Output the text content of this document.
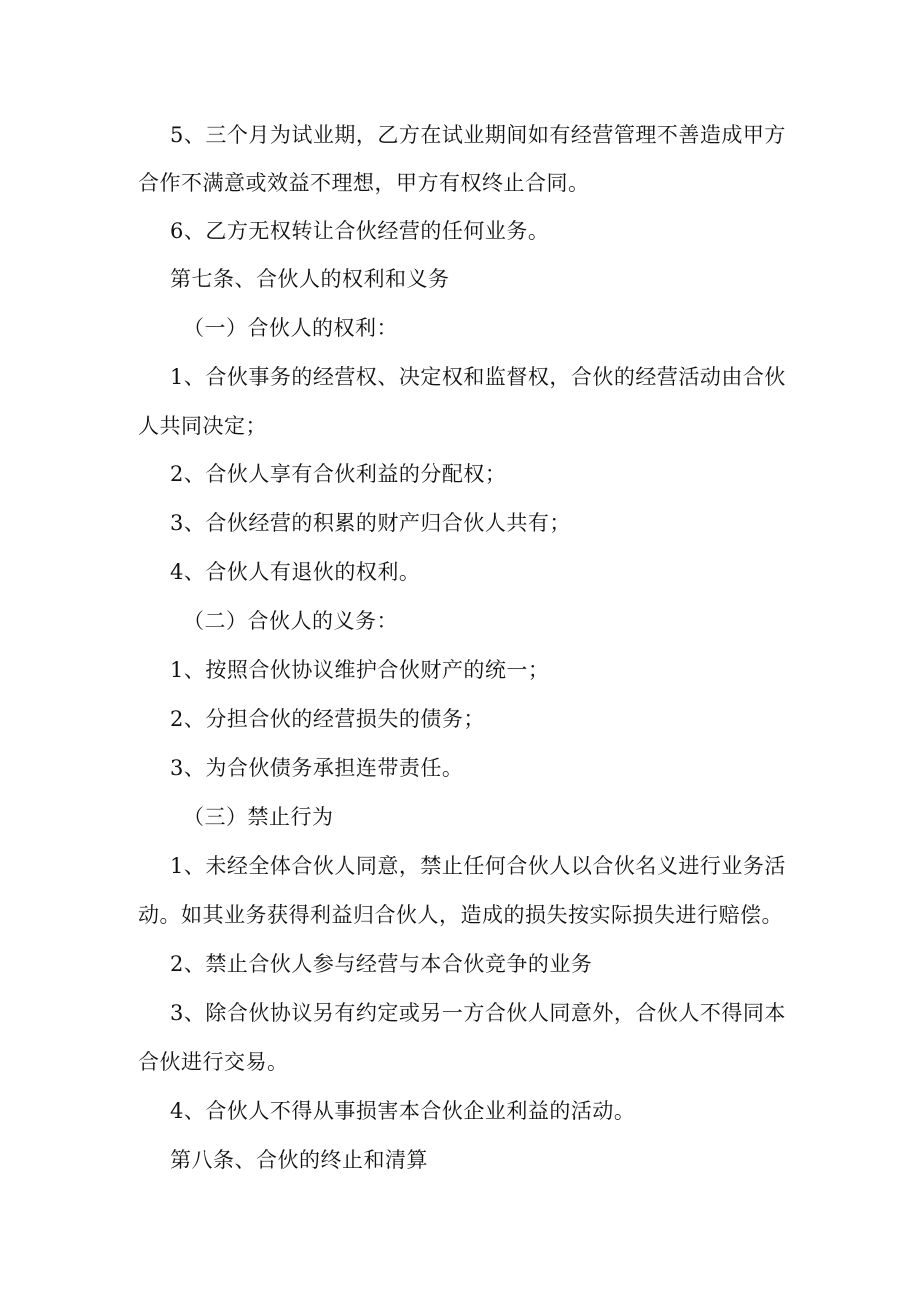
5、三个月为试业期，乙方在试业期间如有经营管理不善造成甲方
合作不满意或效益不理想，甲方有权终止合同。
6、乙方无权转让合伙经营的任何业务。
第七条、合伙人的权利和义务
（一）合伙人的权利：
1、合伙事务的经营权、决定权和监督权，合伙的经营活动由合伙
人共同决定；
2、合伙人享有合伙利益的分配权；
3、合伙经营的积累的财产归合伙人共有；
4、合伙人有退伙的权利。
（二）合伙人的义务：
1、按照合伙协议维护合伙财产的统一；
2、分担合伙的经营损失的债务；
3、为合伙债务承担连带责任。
（三）禁止行为
1、未经全体合伙人同意，禁止任何合伙人以合伙名义进行业务活
动。如其业务获得利益归合伙人，造成的损失按实际损失进行赔偿。
2、禁止合伙人参与经营与本合伙竞争的业务
3、除合伙协议另有约定或另一方合伙人同意外，合伙人不得同本
合伙进行交易。
4、合伙人不得从事损害本合伙企业利益的活动。
第八条、合伙的终止和清算
